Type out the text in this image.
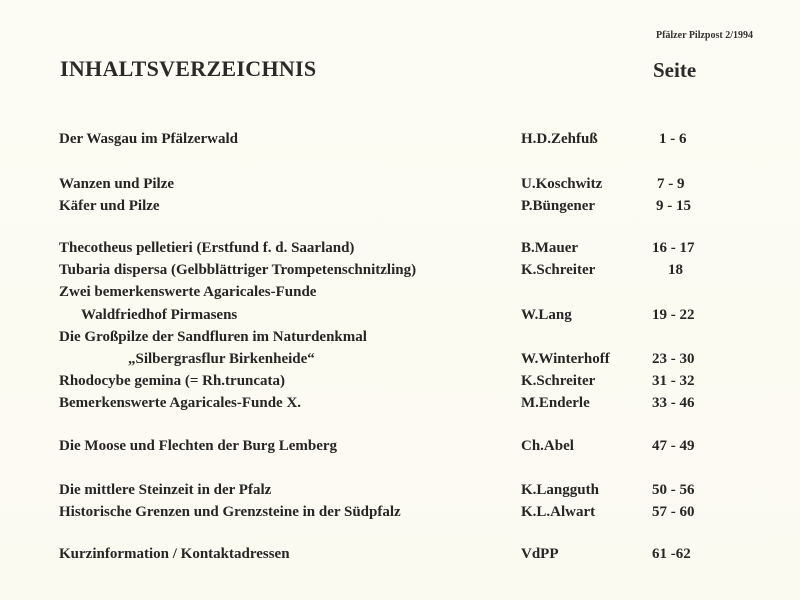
Pfälzer Pilzpost 2/1994
INHALTSVERZEICHNIS	Seite
Der Wasgau im Pfälzerwald	H.D.Zehfuß	1 - 6
Wanzen und Pilze	U.Koschwitz	7 - 9
Käfer und Pilze	P.Büngener	9 - 15
Thecotheus pelletieri (Erstfund f. d. Saarland)	B.Mauer	16 - 17
Tubaria dispersa (Gelbblättriger Trompetenschnitzling)	K.Schreiter	18
Zwei bemerkenswerte Agaricales-Funde
Waldfriedhof Pirmasens	W.Lang	19 - 22
Die Großpilze der Sandfluren im Naturdenkmal
„Silbergrasflur Birkenheide“	W.Winterhoff	23 - 30
Rhodocybe gemina (= Rh.truncata)	K.Schreiter	31 - 32
Bemerkenswerte Agaricales-Funde X.	M.Enderle	33 - 46
Die Moose und Flechten der Burg Lemberg	Ch.Abel	47 - 49
Die mittlere Steinzeit in der Pfalz	K.Langguth	50 - 56
Historische Grenzen und Grenzsteine in der Südpfalz	K.L.Alwart	57 - 60
Kurzinformation / Kontaktadressen	VdPP	61 -62
